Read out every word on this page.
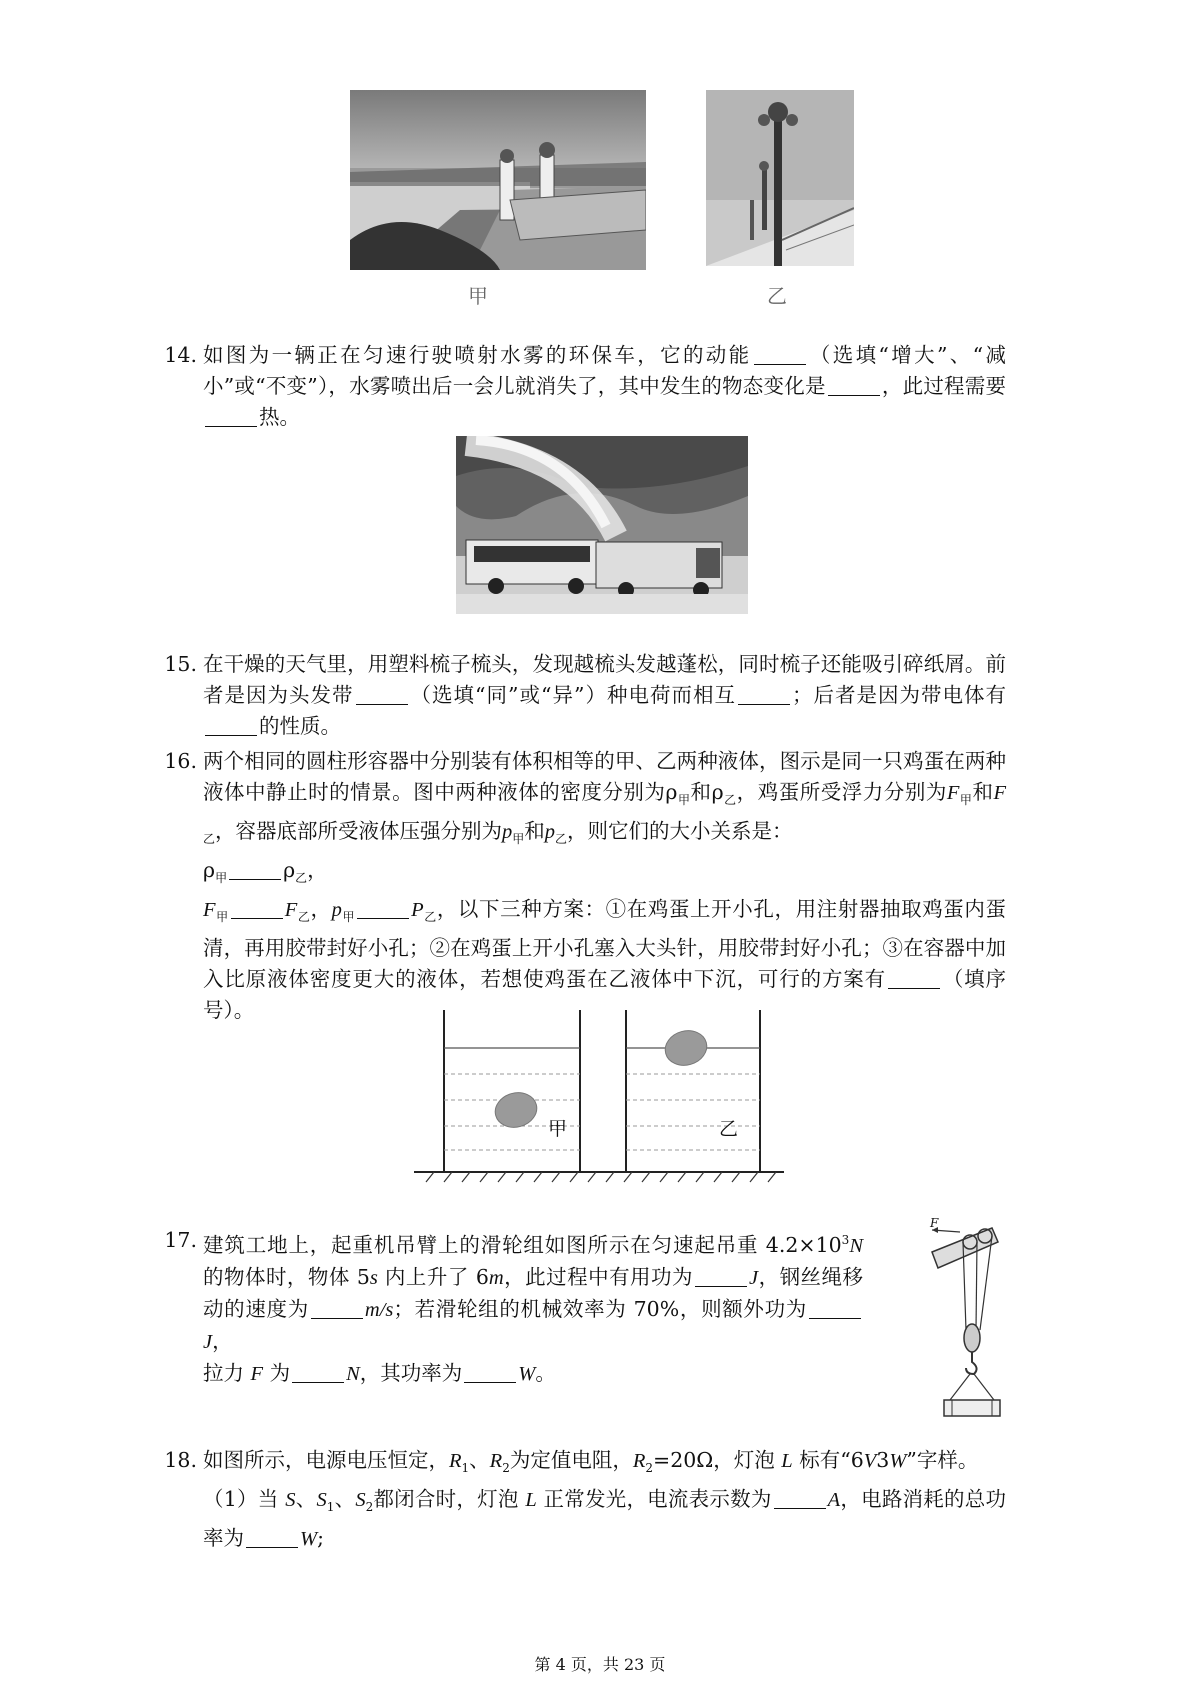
甲	乙
14. 如图为一辆正在匀速行驶喷射水雾的环保车，它的动能	（选填“增大”、“减小”或“不变”），水雾喷出后一会儿就消失了，其中发生的物态变化是	，此过程需要热。
15. 在干燥的天气里，用塑料梳子梳头，发现越梳头发越蓬松，同时梳子还能吸引碎纸屑。前者是因为头发带	（选填“同”或“异”）种电荷而相互	；后者是因为带电体有的性质。
16. 两个相同的圆柱形容器中分别装有体积相等的甲、乙两种液体，图示是同一只鸡蛋在两种液体中静止时的情景。图中两种液体的密度分别为$\rho_甲$和$\rho_乙$，鸡蛋所受浮力分别为$F_甲$和$F_乙$，容器底部所受液体压强分别为$p_甲$和$p_乙$，则它们的大小关系是：
$\rho_甲$	$\rho_乙$，
$F_甲$	$F_乙$，$p_甲$	$P_乙$，以下三种方案：①在鸡蛋上开小孔，用注射器抽取鸡蛋内蛋清，再用胶带封好小孔；②在鸡蛋上开小孔塞入大头针，用胶带封好小孔；③在容器中加入比原液体密度更大的液体，若想使鸡蛋在乙液体中下沉，可行的方案有	（填序号）。
甲	乙
17. 建筑工地上，起重机吊臂上的滑轮组如图所示在匀速起吊重 $4.2\times 10^3N$ 的物体时，物体 5s 内上升了 6m，此过程中有用功为	J，钢丝绳移动的速度为	m/s；若滑轮组的机械效率为 70%，则额外功为J，
拉力 F 为	N，其功率为	W。
F
18. 如图所示，电源电压恒定，$R_1$、$R_2$为定值电阻，$R_2=20\Omega$，灯泡 L 标有“6V3W”字样。
（1）当 S、$S_1$、$S_2$都闭合时，灯泡 L 正常发光，电流表示数为	A，电路消耗的总功率为	W;
第 4 页，共 23 页
